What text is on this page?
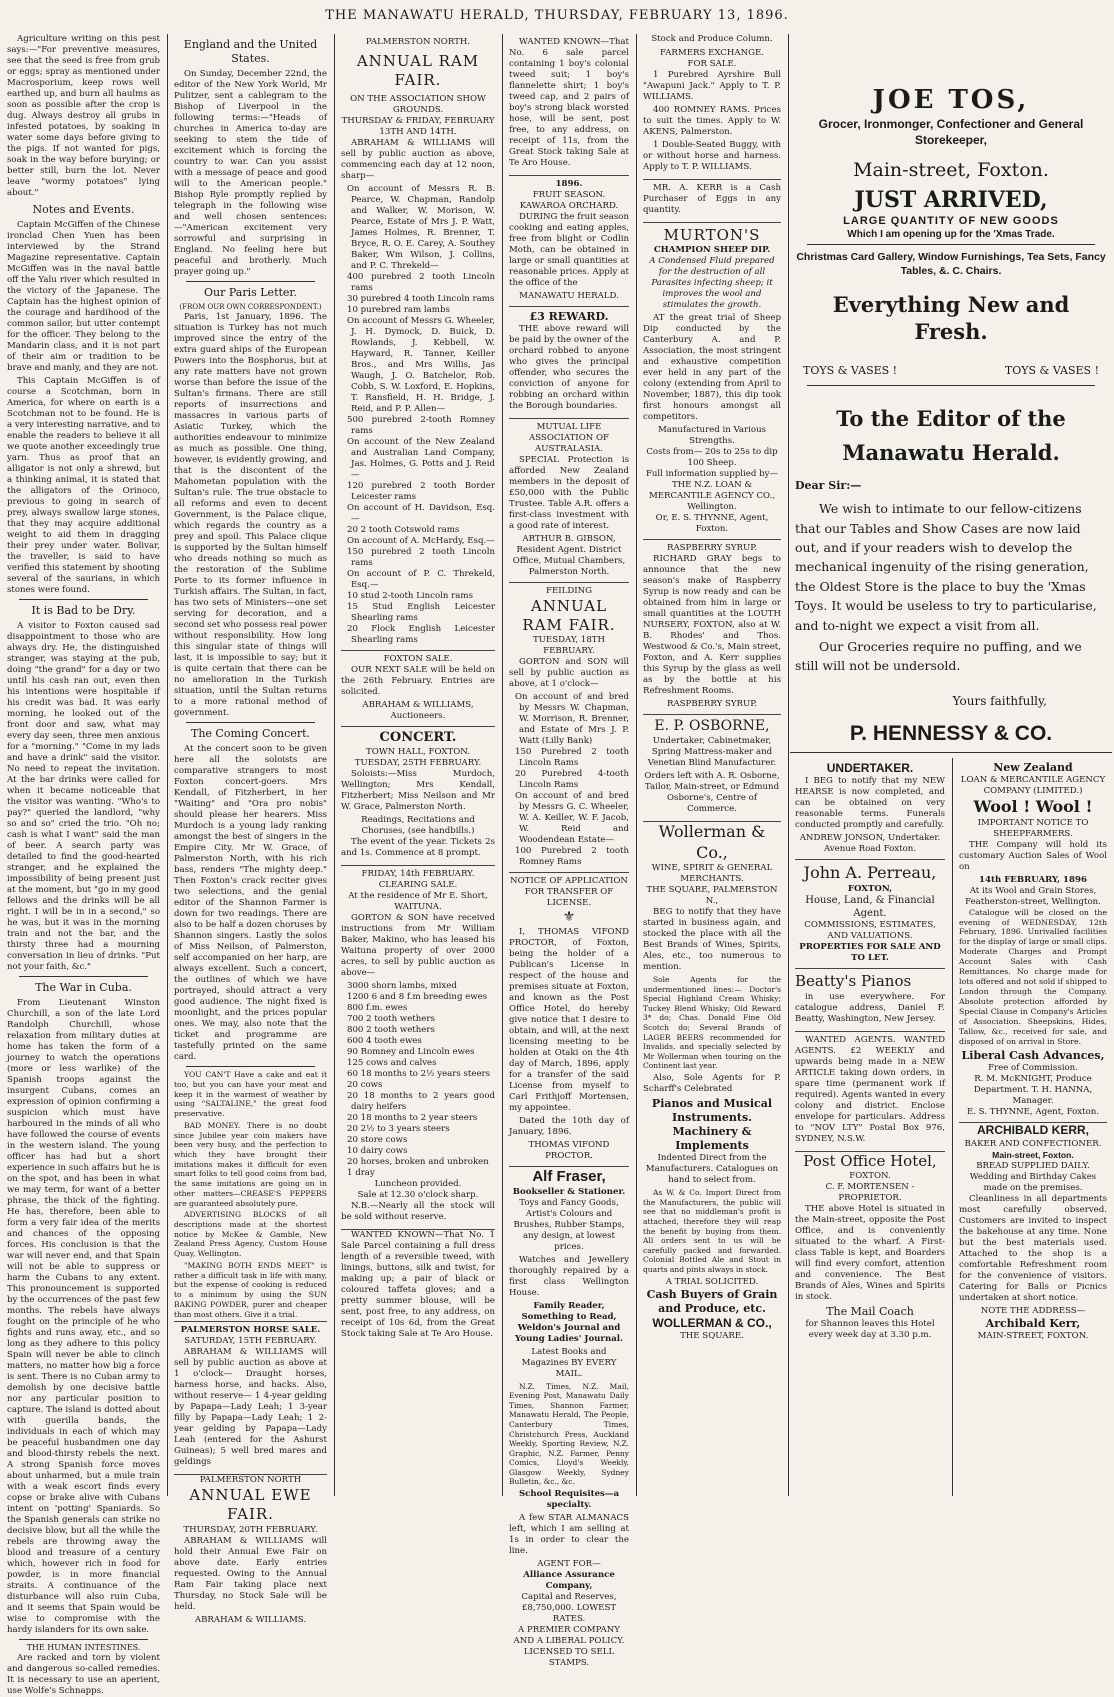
THE MANAWATU HERALD, THURSDAY, FEBRUARY 13, 1896.

Agriculture writing on this pest says:—"For preventive measures, see that the seed is free from grub or eggs; spray as mentioned under Macrosporium, keep rows well earthed up, and burn all haulms as soon as possible after the crop is dug. Always destroy all grubs in infested potatoes, by soaking in water some days before giving to the pigs. If not wanted for pigs, soak in the way before burying; or better still, burn the lot. Never leave "wormy potatoes" lying about."

Notes and Events.

Captain McGiffen of the Chinese ironclad Chen Yuen has been interviewed by the Strand Magazine representative. Captain McGiffen was in the naval battle off the Yalu river which resulted in the victory of the Japanese. The Captain has the highest opinion of the courage and hardihood of the common sailor, but utter contempt for the officer. They belong to the Mandarin class, and it is not part of their aim or tradition to be brave and manly, and they are not.

This Captain McGiffen is of course a Scotchman, born in America, for where on earth is a Scotchman not to be found. He is a very interesting narrative, and to enable the readers to believe it all we quote another exceedingly true yarn. Thus as proof that an alligator is not only a shrewd, but a thinking animal, it is stated that the alligators of the Orinoco, previous to going in search of prey, always swallow large stones, that they may acquire additional weight to aid them in dragging their prey under water. Bolivar, the traveller, is said to have verified this statement by shooting several of the saurians, in which stones were found.

It is Bad to be Dry.

A visitor to Foxton caused sad disappointment to those who are always dry. He, the distinguished stranger, was staying at the pub, doing "the grand" for a day or two until his cash ran out, even then his intentions were hospitable if his credit was bad. It was early morning, he looked out of the front door and saw, what may every day seen, three men anxious for a "morning." "Come in my lads and have a drink" said the visitor. No need to repeat the invitation. At the bar drinks were called for when it became noticeable that the visitor was wanting. "Who's to pay?" queried the landlord, "why so and so" cried the trio. "Oh no; cash is what I want" said the man of beer. A search party was detailed to find the good-hearted stranger, and he explained the impossibility of being present just at the moment, but "go in my good fellows and the drinks will be all right. I will be in in a second," so he was, but it was in the morning train and not the bar, and the thirsty three had a mourning conversation in lieu of drinks. "Put not your faith, &c."

The War in Cuba.

From Lieutenant Winston Churchill, a son of the late Lord Randolph Churchill, whose relaxation from military duties at home has taken the form of a journey to watch the operations (more or less warlike) of the Spanish troops against the insurgent Cubans, comes an expression of opinion confirming a suspicion which must have harboured in the minds of all who have followed the course of events in the western island. The young officer has had but a short experience in such affairs but he is on the spot, and has been in what we may term, for want of a better phrase, the thick of the fighting. He has, therefore, been able to form a very fair idea of the merits and chances of the opposing forces. His conclusion is that the war will never end, and that Spain will not be able to suppress or harm the Cubans to any extent. This pronouncement is supported by the occurrences of the past few months. The rebels have always fought on the principle of he who fights and runs away, etc., and so long as they adhere to this policy Spain will never be able to clinch matters, no matter how big a force is sent. There is no Cuban army to demolish by one decisive battle nor any particular position to capture. The island is dotted about with guerilla bands, the individuals in each of which may be peaceful husbandmen one day and blood-thirsty rebels the next. A strong Spanish force moves about unharmed, but a mule train with a weak escort finds every copse or brake alive with Cubans intent on 'potting' Spaniards. So the Spanish generals can strike no decisive blow, but all the while the rebels are throwing away the blood and treasure of a century which, however rich in food for powder, is in more financial straits. A continuance of the disturbance will also ruin Cuba, and it seems that Spain would be wise to compromise with the hardy islanders for its own sake.

THE HUMAN INTESTINES.

Are racked and torn by violent and dangerous so-called remedies. It is necessary to use an aperient, use Wolfe's Schnapps.

England and the United States.

On Sunday, December 22nd, the editor of the New York World, Mr Pulitzer, sent a cablegram to the Bishop of Liverpool in the following terms:—"Heads of churches in America to-day are seeking to stem the tide of excitement which is forcing the country to war. Can you assist with a message of peace and good will to the American people." Bishop Ryle promptly replied by telegraph in the following wise and well chosen sentences:—"American excitement very sorrowful and surprising in England. No feeling here but peaceful and brotherly. Much prayer going up."

Our Paris Letter.
(FROM OUR OWN CORRESPONDENT.)

Paris, 1st January, 1896. The situation is Turkey has not much improved since the entry of the extra guard ships of the European Powers into the Bosphorus, but at any rate matters have not grown worse than before the issue of the Sultan's firmans. There are still reports of insurrections and massacres in various parts of Asiatic Turkey, which the authorities endeavour to minimize as much as possible. One thing, however, is evidently growing, and that is the discontent of the Mahometan population with the Sultan's rule. The true obstacle to all reforms and even to decent Government, is the Palace clique, which regards the country as a prey and spoil. This Palace clique is supported by the Sultan himself who dreads nothing so much as the restoration of the Sublime Porte to its former influence in Turkish affairs. The Sultan, in fact, has two sets of Ministers—one set serving for decoration, and a second set who possess real power without responsibility. How long this singular state of things will last, it is impossible to say; but it is quite certain that there can be no amelioration in the Turkish situation, until the Sultan returns to a more rational method of government.

The Coming Concert.

At the concert soon to be given here all the soloists are comparative strangers to most Foxton concert-goers. Mrs Kendall, of Fitzherbert, in her "Waiting" and "Ora pro nobis" should please her hearers. Miss Murdoch is a young lady ranking amongst the best of singers in the Empire City. Mr W. Grace, of Palmerston North, with his rich bass, renders "The mighty deep." Then Foxton's crack reciter gives two selections, and the genial editor of the Shannon Farmer is down for two readings. There are also to be half a dozen choruses by Shannon singers. Lastly the solos of Miss Neilson, of Palmerston, self accompanied on her harp, are always excellent. Such a concert, the outlines of which we have portrayed, should attract a very good audience. The night fixed is moonlight, and the prices popular ones. We may, also note that the ticket and programme are tastefully printed on the same card.

YOU CAN'T Have a cake and eat it too, but you can have your meat and keep it in the warmest of weather by using "SALTALINE," the great food preservative.

BAD MONEY. There is no doubt since Jubilee year coin makers have been very busy, and the perfection to which they have brought their imitations makes it difficult for even smart folks to tell good coins from bad, the same imitations are going on in other matters—CREASE'S PEPPERS are guaranteed absolutely pure.

ADVERTISING BLOCKS of all descriptions made at the shortest notice by McKee & Gamble, New Zealand Press Agency, Custom House Quay, Wellington.

"MAKING BOTH ENDS MEET" is rather a difficult task in life with many, but the expense of cooking is reduced to a minimum by using the SUN BAKING POWDER, purer and cheaper than most others. Give it a trial.

PALMERSTON HORSE SALE.
SATURDAY, 15TH FEBRUARY.

ABRAHAM & WILLIAMS will sell by public auction as above at 1 o'clock— Draught horses, harness horse, and hacks. Also, without reserve— 1 4-year gelding by Papapa—Lady Leah; 1 3-year filly by Papapa—Lady Leah; 1 2-year gelding by Papapa—Lady Leah (entered for the Ashurst Guineas); 5 well bred mares and geldings

PALMERSTON NORTH
ANNUAL EWE FAIR.
THURSDAY, 20TH FEBRUARY.

ABRAHAM & WILLIAMS will hold their Annual Ewe Fair on above date. Early entries requested. Owing to the Annual Ram Fair taking place next Thursday, no Stock Sale will be held.

ABRAHAM & WILLIAMS.
PALMERSTON NORTH.
ANNUAL RAM FAIR.
ON THE ASSOCIATION SHOW GROUNDS.
THURSDAY & FRIDAY, FEBRUARY 13TH AND 14TH.

ABRAHAM & WILLIAMS will sell by public auction as above, commencing each day at 12 noon, sharp—

On account of Messrs R. B. Pearce, W. Chapman, Randolp and Walker, W. Morison, W. Pearce, Estate of Mrs J. P. Watt, James Holmes, R. Brenner, T. Bryce, R. O. E. Carey, A. Southey Baker, Wm Wilson, J. Collins, and P. C. Threkeld—
400 purebred 2 tooth Lincoln rams
30 purebred 4 tooth Lincoln rams
10 purebred ram lambs
On account of Messrs G. Wheeler, J. H. Dymock, D. Buick, D. Rowlands, J. Kebbell, W. Hayward, R. Tanner, Keiller Bros., and Mrs Willis, Jas Waugh, J. O. Batchelor, Rob. Cobb, S. W. Loxford, E. Hopkins, T. Ransfield, H. H. Bridge, J. Reid, and P. P. Allen—
500 purebred 2-tooth Romney rams
On account of the New Zealand and Australian Land Company, Jas. Holmes, G. Potts and J. Reid—
120 purebred 2 tooth Border Leicester rams
On account of H. Davidson, Esq.—
20 2 tooth Cotswold rams
On account of A. McHardy, Esq.—
150 purebred 2 tooth Lincoln rams
On account of P. C. Threkeld, Esq.—
10 stud 2-tooth Lincoln rams
15 Stud English Leicester Shearling rams
20 Flock English Leicester Shearling rams
FOXTON SALE.

OUR NEXT SALE will be held on the 26th February. Entries are solicited.

ABRAHAM & WILLIAMS, Auctioneers.
CONCERT.
TOWN HALL, FOXTON.
TUESDAY, 25TH FEBRUARY.

Soloists:—Miss Murdoch, Wellington; Mrs Kendall, Fitzherbert; Miss Neilson and Mr W. Grace, Palmerston North.

Readings, Recitations and Choruses, (see handbills.)

The event of the year. Tickets 2s and 1s. Commence at 8 prompt.

FRIDAY, 14th FEBRUARY.
CLEARING SALE.
At the residence of Mr E. Short, WAITUNA.

GORTON & SON have received instructions from Mr William Baker, Makino, who has leased his Waituna property of over 2000 acres, to sell by public auction as above—

3000 shorn lambs, mixed
1200 6 and 8 f.m breeding ewes
800 f.m. ewes
700 2 tooth wethers
800 2 tooth wethers
600 4 tooth ewes
90 Romney and Lincoln ewes
125 cows and calves
60 18 months to 2½ years steers
20 cows
20 18 months to 2 years good dairy heifers
20 18 months to 2 year steers
20 2½ to 3 years steers
20 store cows
10 dairy cows
20 horses, broken and unbroken
1 dray
Luncheon provided.
Sale at 12.30 o'clock sharp.

N.B.—Nearly all the stock will be sold without reserve.

WANTED KNOWN—That No. 1 Sale Parcel containing a full dress length of a reversible tweed, with linings, buttons, silk and twist, for making up; a pair of black or coloured taffeta gloves; and a pretty summer blouse, will be sent, post free, to any address, on receipt of 10s 6d, from the Great Stock taking Sale at Te Aro House.

WANTED KNOWN—That No. 6 sale parcel containing 1 boy's colonial tweed suit; 1 boy's flannelette shirt; 1 boy's tweed cap, and 2 pairs of boy's strong black worsted hose, will be sent, post free, to any address, on receipt of 11s, from the Great Stock taking Sale at Te Aro House.

1896.
FRUIT SEASON.
KAWAROA ORCHARD.

DURING the fruit season cooking and eating apples, free from blight or Codlin Moth, can be obtained in large or small quantities at reasonable prices. Apply at the office of the

MANAWATU HERALD.
£3 REWARD.

THE above reward will be paid by the owner of the orchard robbed to anyone who gives the principal offender, who secures the conviction of anyone for robbing an orchard within the Borough boundaries.

MUTUAL LIFE ASSOCIATION OF AUSTRALASIA.

SPECIAL Protection is afforded New Zealand members in the deposit of £50,000 with the Public Trustee. Table A.R. offers a first-class investment with a good rate of interest.

ARTHUR B. GIBSON, Resident Agent. District Office, Mutual Chambers, Palmerston North.
FEILDING
ANNUAL RAM FAIR.
TUESDAY, 18TH FEBRUARY.

GORTON and SON will sell by public auction as above, at 1 o'clock—

On account of and bred by Messrs W. Chapman, W. Morrison, R. Brenner, and Estate of Mrs J. P. Watt (Lilly Bank)
150 Purebred 2 tooth Lincoln Rams
20 Purebred 4-tooth Lincoln Rams
On account of and bred by Messrs G. C. Wheeler, W. A. Keiller, W. F. Jacob, W. Reid and Woodendean Estate—
100 Purebred 2 tooth Romney Rams
NOTICE OF APPLICATION FOR TRANSFER OF LICENSE.
⚜

I, THOMAS VIFOND PROCTOR, of Foxton, being the holder of a Publican's License in respect of the house and premises situate at Foxton, and known as the Post Office Hotel, do hereby give notice that I desire to obtain, and will, at the next licensing meeting to be holden at Otaki on the 4th day of March, 1896, apply for a transfer of the said License from myself to Carl Frithjoff Mortensen, my appointee.

Dated the 10th day of January, 1896.

THOMAS VIFOND PROCTOR.
Alf Fraser,
Bookseller & Stationer.

Toys and Fancy Goods, Artist's Colours and Brushes, Rubber Stamps, any design, at lowest prices.

Watches and Jewellery thoroughly repaired by a first class Wellington House.

Family Reader, Something to Read, Weldon's Journal and Young Ladies' Journal.

Latest Books and Magazines BY EVERY MAIL.

N.Z. Times, N.Z. Mail, Evening Post, Manawatu Daily Times, Shannon Farmer, Manawatu Herald, The People, Canterbury Times, Christchurch Press, Auckland Weekly, Sporting Review, N.Z. Graphic, N.Z. Farmer, Penny Comics, Lloyd's Weekly, Glasgow Weekly, Sydney Bulletin, &c., &c.

School Requisites—a specialty.

A few STAR ALMANACS left, which I am selling at 1s in order to clear the line.

AGENT FOR—
Alliance Assurance Company,
Capital and Reserves, £8,750,000. LOWEST RATES.
A PREMIER COMPANY AND A LIBERAL POLICY.
LICENSED TO SELL STAMPS.
Stock and Produce Column.
FARMERS EXCHANGE.
FOR SALE.

1 Purebred Ayrshire Bull "Awapuni Jack." Apply to T. P. WILLIAMS.

400 ROMNEY RAMS. Prices to suit the times. Apply to W. AKENS, Palmerston.

1 Double-Seated Buggy, with or without horse and harness. Apply to T. P. WILLIAMS.

MR. A. KERR is a Cash Purchaser of Eggs in any quantity.

MURTON'S
CHAMPION SHEEP DIP.

A Condensed Fluid prepared for the destruction of all Parasites infecting sheep; it improves the wool and stimulates the growth.

AT the great trial of Sheep Dip conducted by the Canterbury A. and P. Association, the most stringent and exhaustive competition ever held in any part of the colony (extending from April to November, 1887), this dip took first honours amongst all competitors.

Manufactured in Various Strengths.
Costs from— 20s to 25s to dip 100 Sheep.
Full information supplied by—
THE N.Z. LOAN & MERCANTILE AGENCY CO., Wellington.
Or, E. S. THYNNE, Agent, Foxton.
RASPBERRY SYRUP.

RICHARD GRAY begs to announce that the new season's make of Raspberry Syrup is now ready and can be obtained from him in large or small quantities at the LOUTH NURSERY, FOXTON, also at W. B. Rhodes' and Thos. Westwood & Co.'s, Main street, Foxton, and A. Kerr supplies this Syrup by the glass as well as by the bottle at his Refreshment Rooms.

RASPBERRY SYRUP.
E. P. OSBORNE,

Undertaker, Cabinetmaker, Spring Mattress-maker and Venetian Blind Manufacturer.

Orders left with A. R. Osborne, Tailor, Main-street, or Edmund Osborne's, Centre of Commerce.

Wollerman & Co.,
WINE, SPIRIT & GENERAL MERCHANTS.
THE SQUARE, PALMERSTON N.,

BEG to notify that they have started in business again, and stocked the place with all the Best Brands of Wines, Spirits, Ales, etc., too numerous to mention.

Sole Agents for the undermentioned lines:— Doctor's Special Highland Cream Whisky; Tuckey Blend Whisky; Old Reward 3* do; Chas. Donald Fine Old Scotch do; Several Brands of LAGER BEERS recommended for Invalids, and specially selected by Mr Wollerman when touring on the Continent last year.

Also, Sole Agents for P. Scharff's Celebrated

Pianos and Musical Instruments.
Machinery & Implements

Indented Direct from the Manufacturers. Catalogues on hand to select from.

As W. & Co. Import Direct from the Manufacturers, the public will see that no middleman's profit is attached, therefore they will reap the benefit by buying from them. All orders sent to us will be carefully packed and forwarded. Colonial Bottled Ale and Stout in quarts and pints always in stock.

A TRIAL SOLICITED.
Cash Buyers of Grain and Produce, etc.
WOLLERMAN & CO.,
THE SQUARE.
JOE TOS,
Grocer, Ironmonger, Confectioner and General Storekeeper,
Main-street, Foxton.
JUST ARRIVED,
LARGE QUANTITY OF NEW GOODS
Which I am opening up for the 'Xmas Trade.
Christmas Card Gallery, Window Furnishings, Tea Sets, Fancy Tables, &. C. Chairs.
Everything New and Fresh.
TOYS & VASES !	TOYS & VASES !
To the Editor of the Manawatu Herald.
Dear Sir:—

We wish to intimate to our fellow-citizens that our Tables and Show Cases are now laid out, and if your readers wish to develop the mechanical ingenuity of the rising generation, the Oldest Store is the place to buy the 'Xmas Toys. It would be useless to try to particularise, and to-night we expect a visit from all.

Our Groceries require no puffing, and we still will not be undersold.

Yours faithfully,
P. HENNESSY & CO.
UNDERTAKER.

I BEG to notify that my NEW HEARSE is now completed, and can be obtained on very reasonable terms. Funerals conducted promptly and carefully.

ANDREW JONSON, Undertaker. Avenue Road Foxton.
John A. Perreau,
FOXTON,
House, Land, & Financial Agent.
COMMISSIONS, ESTIMATES, AND VALUATIONS.
PROPERTIES FOR SALE AND TO LET.
Beatty's Pianos

in use everywhere. For catalogue address, Daniel F. Beatty, Washington, New Jersey.

WANTED AGENTS. WANTED AGENTS. £2 WEEKLY and upwards being made in a NEW ARTICLE taking down orders, in spare time (permanent work if required). Agents wanted in every colony and district. Enclose envelope for particulars. Address to "NOV LTY" Postal Box 976, SYDNEY, N.S.W.

Post Office Hotel,
FOXTON.
C. F. MORTENSEN - PROPRIETOR.

THE above Hotel is situated in the Main-street, opposite the Post Office, and is conveniently situated to the wharf. A First-class Table is kept, and Boarders will find every comfort, attention and convenience. The Best Brands of Ales, Wines and Spirits in stock.

The Mail Coach
for Shannon leaves this Hotel every week day at 3.30 p.m.
New Zealand
LOAN & MERCANTILE AGENCY COMPANY (LIMITED.)
Wool ! Wool !
IMPORTANT NOTICE TO SHEEPFARMERS.

THE Company will hold its customary Auction Sales of Wool on

14th FEBRUARY, 1896
At its Wool and Grain Stores, Featherston-street, Wellington.

Catalogue will be closed on the evening of WEDNESDAY, 12th February, 1896. Unrivalled facilities for the display of large or small clips. Moderate Charges and Prompt Account Sales with Cash Remittances. No charge made for lots offered and not sold if shipped to London through the Company. Absolute protection afforded by Special Clause in Company's Articles of Association. Sheepskins, Hides, Tallow, &c., received for sale, and disposed of on arrival in Store.

Liberal Cash Advances,
Free of Commission.
R. M. McKNIGHT, Produce Department. T. H. HANNA, Manager.
E. S. THYNNE, Agent, Foxton.
ARCHIBALD KERR,
BAKER AND CONFECTIONER.
Main-street, Foxton.
BREAD SUPPLIED DAILY.
Wedding and Birthday Cakes made on the premises.

Cleanliness in all departments most carefully observed. Customers are invited to inspect the bakehouse at any time. None but the best materials used. Attached to the shop is a comfortable Refreshment room for the convenience of visitors. Catering for Balls or Picnics undertaken at short notice.

NOTE THE ADDRESS—
Archibald Kerr,
MAIN-STREET, FOXTON.
